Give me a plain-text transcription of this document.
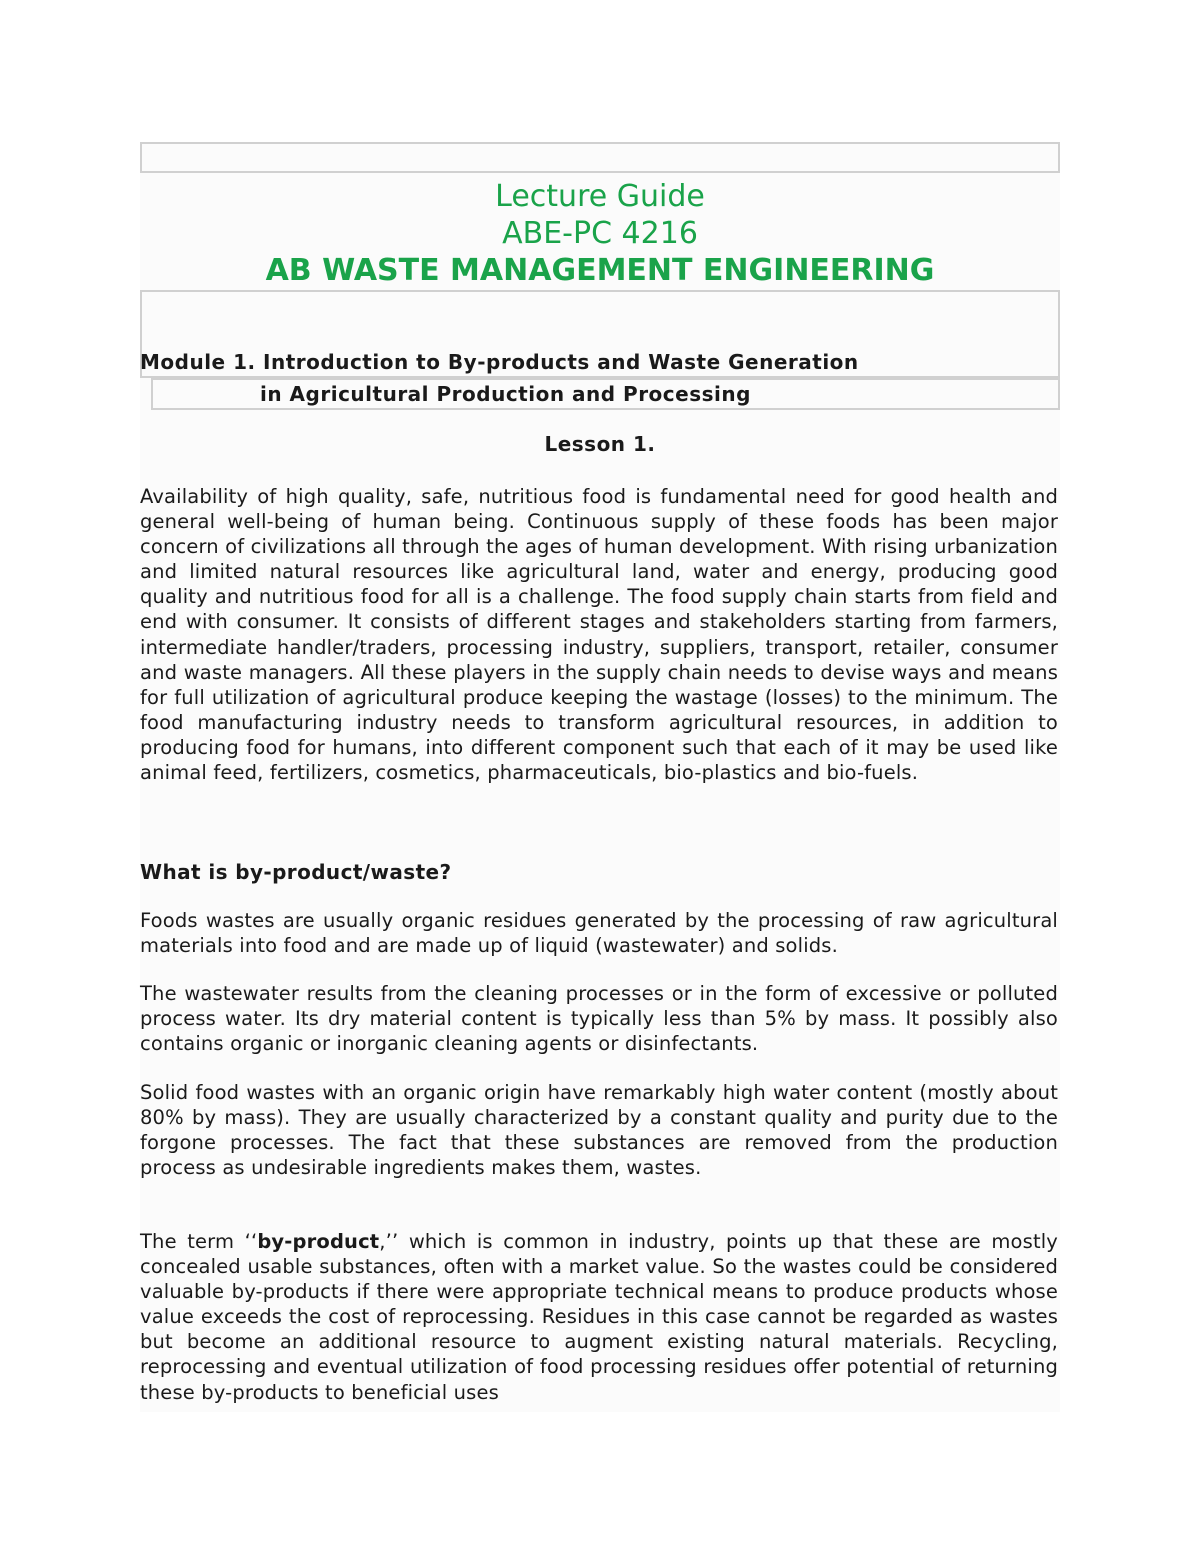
Lecture Guide
ABE-PC 4216
AB WASTE MANAGEMENT ENGINEERING
Module 1. Introduction to By-products and Waste Generation
in Agricultural Production and Processing
Lesson 1.
Availability of high quality, safe, nutritious food is fundamental need for good health and general well-being of human being. Continuous supply of these foods has been major concern of civilizations all through the ages of human development. With rising urbanization and limited natural resources like agricultural land, water and energy, producing good quality and nutritious food for all is a challenge. The food supply chain starts from field and end with consumer. It consists of different stages and stakeholders starting from farmers, intermediate handler/traders, processing industry, suppliers, transport, retailer, consumer and waste managers. All these players in the supply chain needs to devise ways and means for full utilization of agricultural produce keeping the wastage (losses) to the minimum. The food manufacturing industry needs to transform agricultural resources, in addition to producing food for humans, into different component such that each of it may be used like animal feed, fertilizers, cosmetics, pharmaceuticals, bio-plastics and bio-fuels.
What is by-product/waste?
Foods wastes are usually organic residues generated by the processing of raw agricultural materials into food and are made up of liquid (wastewater) and solids.
The wastewater results from the cleaning processes or in the form of excessive or polluted process water. Its dry material content is typically less than 5% by mass. It possibly also contains organic or inorganic cleaning agents or disinfectants.
Solid food wastes with an organic origin have remarkably high water content (mostly about 80% by mass). They are usually characterized by a constant quality and purity due to the forgone processes. The fact that these substances are removed from the production process as undesirable ingredients makes them, wastes.
The term ‘‘by-product,’’ which is common in industry, points up that these are mostly concealed usable substances, often with a market value. So the wastes could be considered valuable by-products if there were appropriate technical means to produce products whose value exceeds the cost of reprocessing. Residues in this case cannot be regarded as wastes but become an additional resource to augment existing natural materials. Recycling, reprocessing and eventual utilization of food processing residues offer potential of returning these by-products to beneficial uses
